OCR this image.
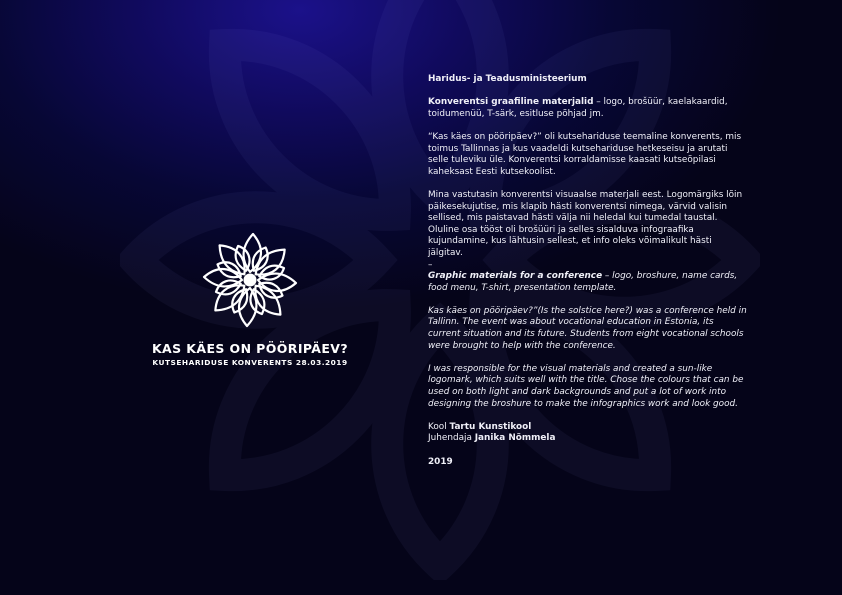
KAS KÄES ON PÖÖRIPÄEV?
KUTSEHARIDUSE KONVERENTS 28.03.2019

Haridus- ja Teadusministeerium

Konverentsi graafiline materjalid – logo, brošüür, kaelakaardid, toidumenüü, T-särk, esitluse põhjad jm.

“Kas käes on pööripäev?” oli kutsehariduse teemaline konverents, mis toimus Tallinnas ja kus vaadeldi kutsehariduse hetkeseisu ja arutati selle tuleviku üle. Konverentsi korraldamisse kaasati kutseõpilasi kaheksast Eesti kutsekoolist.

Mina vastutasin konverentsi visuaalse materjali eest. Logomärgiks lõin päikesekujutise, mis klapib hästi konverentsi nimega, värvid valisin sellised, mis paistavad hästi välja nii heledal kui tumedal taustal. Oluline osa tööst oli brošüüri ja selles sisalduva infograafika kujundamine, kus lähtusin sellest, et info oleks võimalikult hästi jälgitav.

–

Graphic materials for a conference – logo, broshure, name cards, food menu, T-shirt, presentation template.

Kas käes on pööripäev?”(Is the solstice here?) was a conference held in Tallinn. The event was about vocational education in Estonia, its current situation and its future. Students from eight vocational schools were brought to help with the conference.

I was responsible for the visual materials and created a sun-like logomark, which suits well with the title. Chose the colours that can be used on both light and dark backgrounds and put a lot of work into designing the broshure to make the infographics work and look good.

Kool Tartu Kunstikool

Juhendaja Janika Nõmmela

2019
